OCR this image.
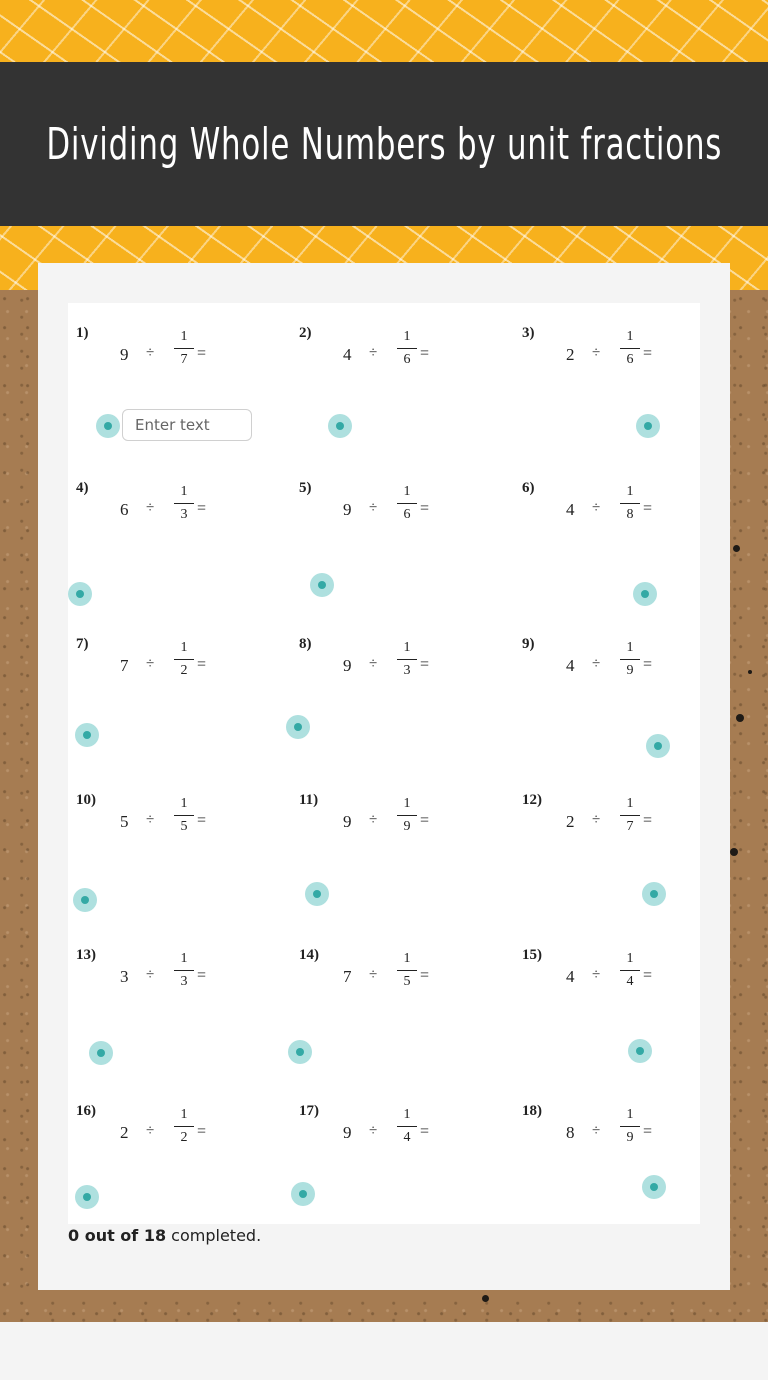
Dividing Whole Numbers by unit fractions
Enter text
1)
9 ÷
1
7 =
2)
4 ÷
1
6 =
3)
2 ÷
1
6 =
4)
6 ÷
1
3 =
5)
9 ÷
1
6 =
6)
4 ÷
1
8 =
7)
7 ÷
1
2 =
8)
9 ÷
1
3 =
9)
4 ÷
1
9 =
10)
5 ÷
1
5 =
11)
9 ÷
1
9 =
12)
2 ÷
1
7 =
13)
3 ÷
1
3 =
14)
7 ÷
1
5 =
15)
4 ÷
1
4 =
16)
2 ÷
1
2 =
17)
9 ÷
1
4 =
18)
8 ÷
1
9 =
0 out of 18 completed.
